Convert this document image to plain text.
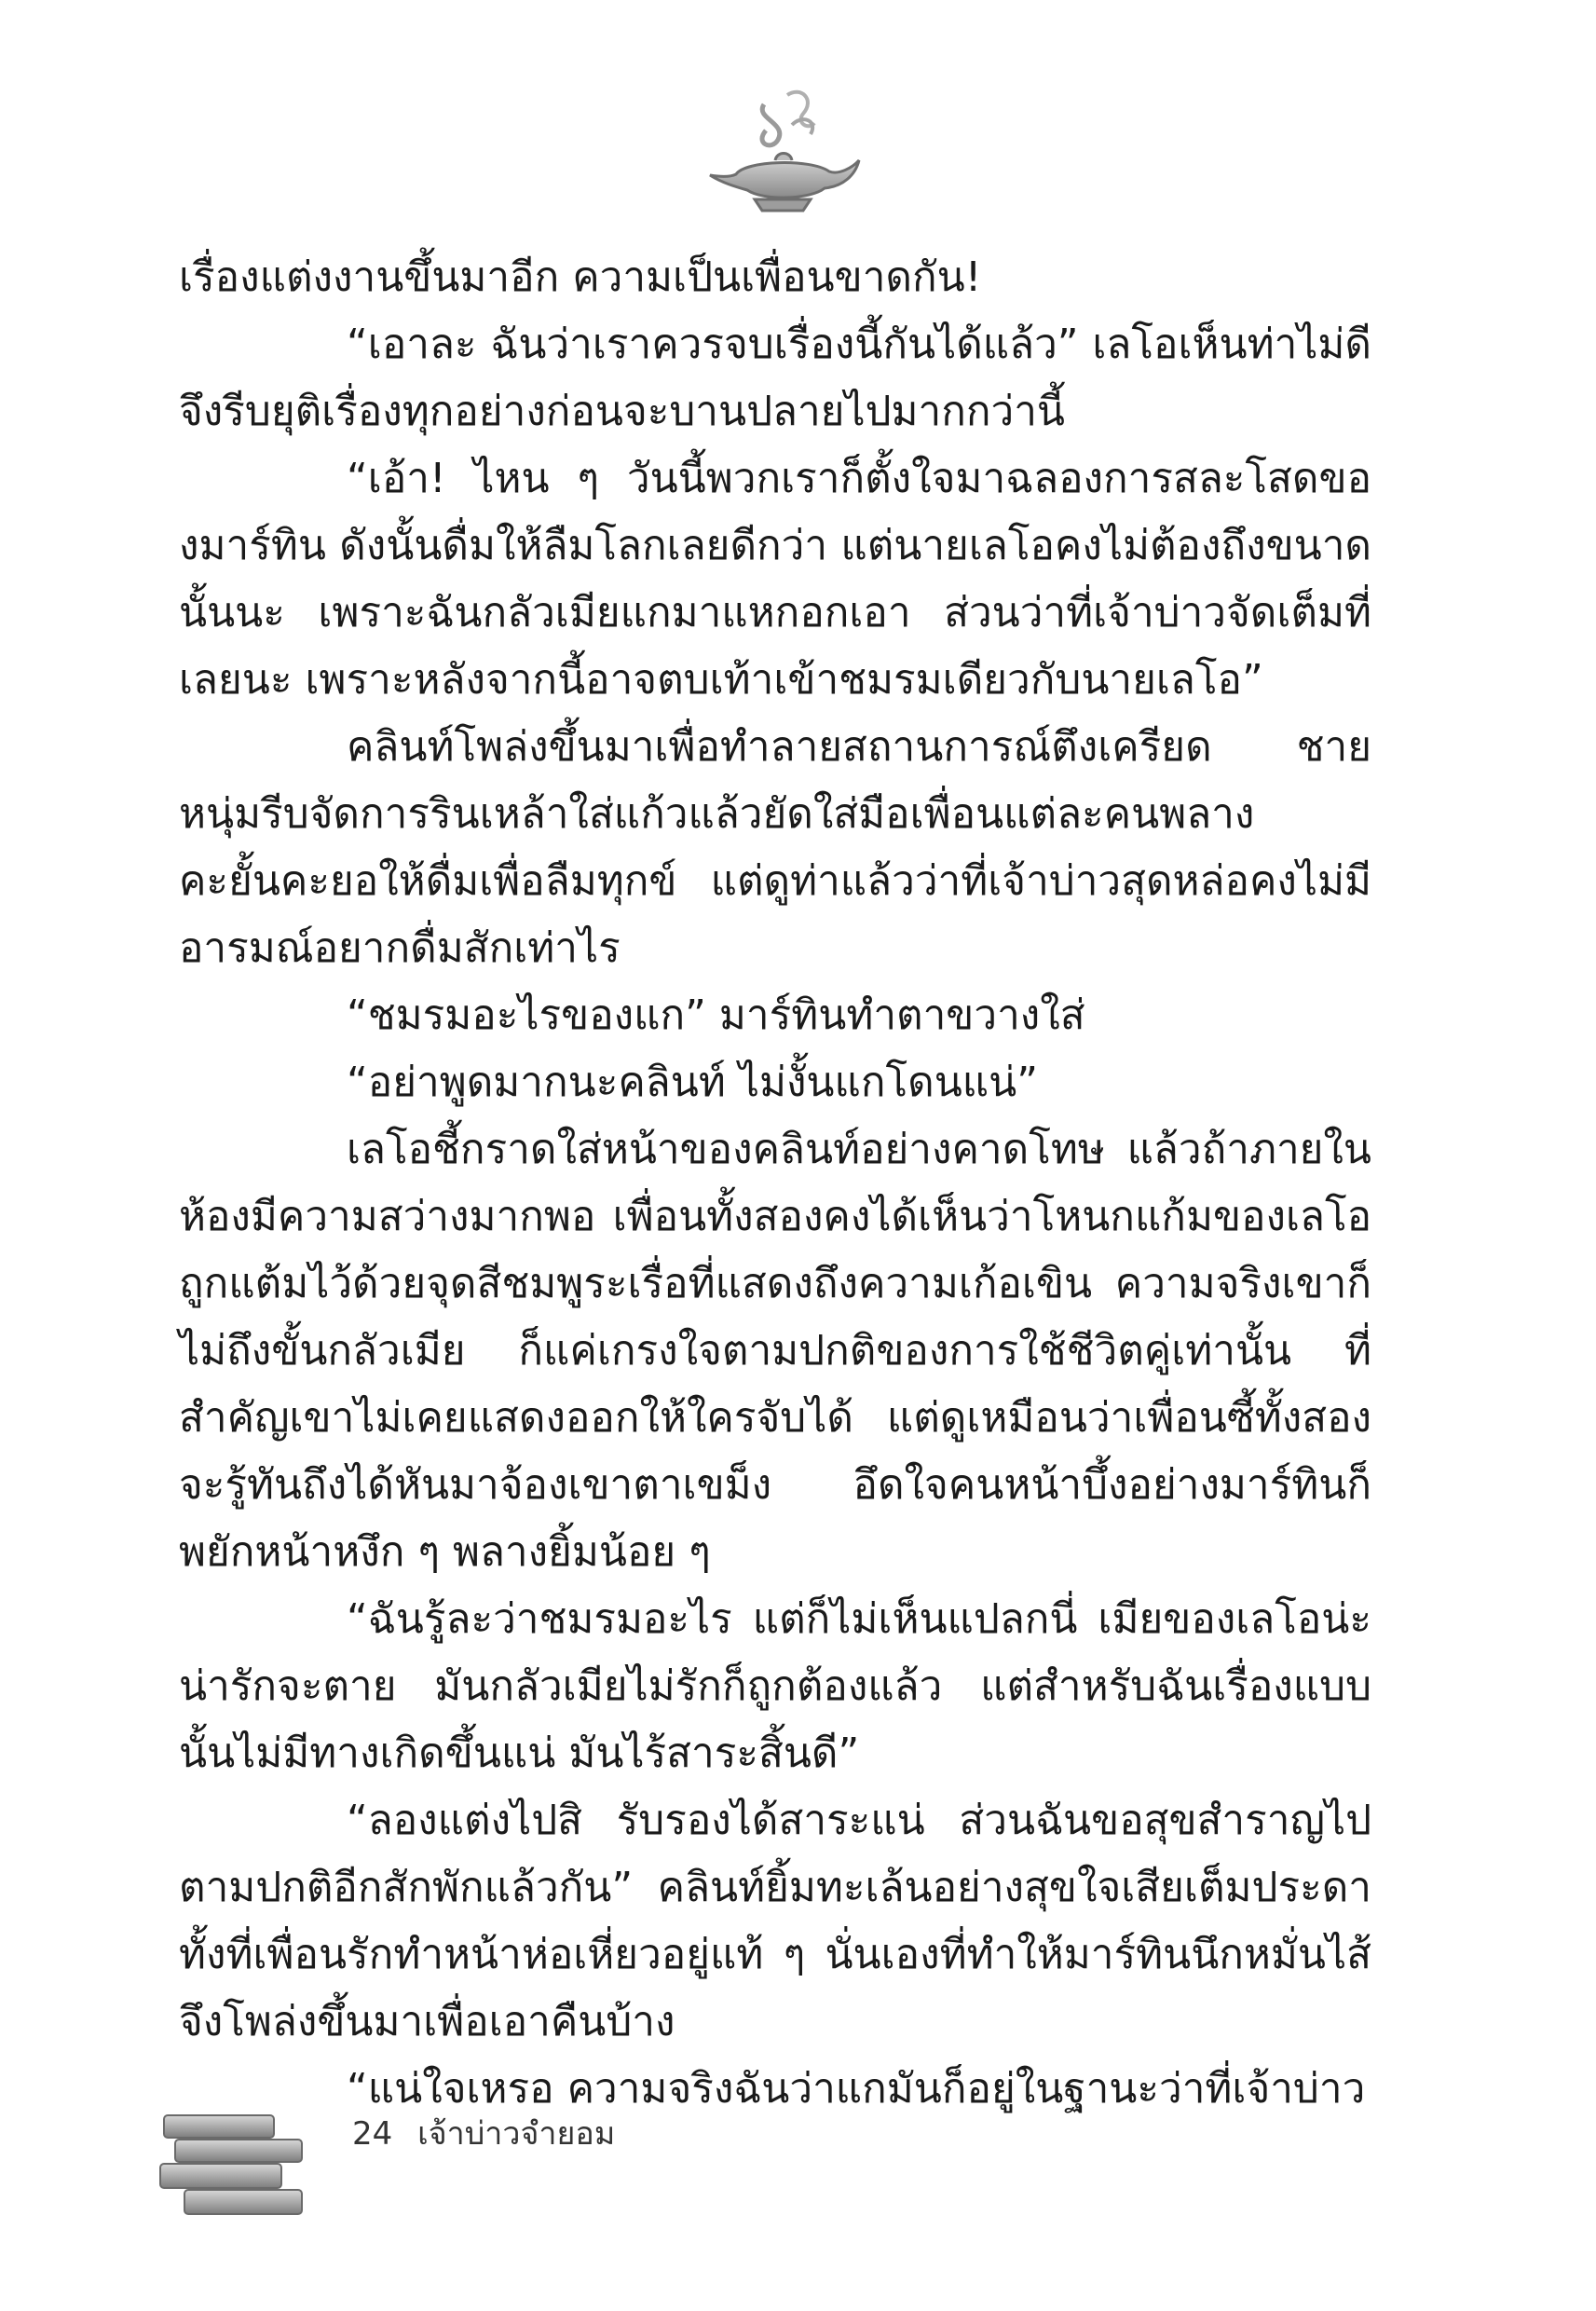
เรื่องแต่งงานขึ้นมาอีก ความเป็นเพื่อนขาดกัน!

“เอาละ ฉันว่าเราควรจบเรื่องนี้กันได้แล้ว” เลโอเห็นท่าไม่ดีจึงรีบยุติเรื่องทุกอย่างก่อนจะบานปลายไปมากกว่านี้

“เอ้า! ไหน ๆ วันนี้พวกเราก็ตั้งใจมาฉลองการสละโสดของมาร์ทิน ดังนั้นดื่มให้ลืมโลกเลยดีกว่า แต่นายเลโอคงไม่ต้องถึงขนาดนั้นนะ เพราะฉันกลัวเมียแกมาแหกอกเอา ส่วนว่าที่เจ้าบ่าวจัดเต็มที่เลยนะ เพราะหลังจากนี้อาจตบเท้าเข้าชมรมเดียวกับนายเลโอ”

คลินท์โพล่งขึ้นมาเพื่อทำลายสถานการณ์ตึงเครียด ชายหนุ่มรีบจัดการรินเหล้าใส่แก้วแล้วยัดใส่มือเพื่อนแต่ละคนพลางคะยั้นคะยอให้ดื่มเพื่อลืมทุกข์ แต่ดูท่าแล้วว่าที่เจ้าบ่าวสุดหล่อคงไม่มีอารมณ์อยากดื่มสักเท่าไร

“ชมรมอะไรของแก” มาร์ทินทำตาขวางใส่

“อย่าพูดมากนะคลินท์ ไม่งั้นแกโดนแน่”

เลโอชี้กราดใส่หน้าของคลินท์อย่างคาดโทษ แล้วถ้าภายในห้องมีความสว่างมากพอ เพื่อนทั้งสองคงได้เห็นว่าโหนกแก้มของเลโอถูกแต้มไว้ด้วยจุดสีชมพูระเรื่อที่แสดงถึงความเก้อเขิน ความจริงเขาก็ไม่ถึงขั้นกลัวเมีย ก็แค่เกรงใจตามปกติของการใช้ชีวิตคู่เท่านั้น ที่สำคัญเขาไม่เคยแสดงออกให้ใครจับได้ แต่ดูเหมือนว่าเพื่อนซี้ทั้งสองจะรู้ทันถึงได้หันมาจ้องเขาตาเขม็ง อึดใจคนหน้าบึ้งอย่างมาร์ทินก็พยักหน้าหงึก ๆ พลางยิ้มน้อย ๆ

“ฉันรู้ละว่าชมรมอะไร แต่ก็ไม่เห็นแปลกนี่ เมียของเลโอน่ะน่ารักจะตาย มันกลัวเมียไม่รักก็ถูกต้องแล้ว แต่สำหรับฉันเรื่องแบบนั้นไม่มีทางเกิดขึ้นแน่ มันไร้สาระสิ้นดี”

“ลองแต่งไปสิ รับรองได้สาระแน่ ส่วนฉันขอสุขสำราญไปตามปกติอีกสักพักแล้วกัน” คลินท์ยิ้มทะเล้นอย่างสุขใจเสียเต็มประดาทั้งที่เพื่อนรักทำหน้าห่อเหี่ยวอยู่แท้ ๆ นั่นเองที่ทำให้มาร์ทินนึกหมั่นไส้ จึงโพล่งขึ้นมาเพื่อเอาคืนบ้าง

“แน่ใจเหรอ ความจริงฉันว่าแกมันก็อยู่ในฐานะว่าที่เจ้าบ่าว

24 เจ้าบ่าวจำยอม
